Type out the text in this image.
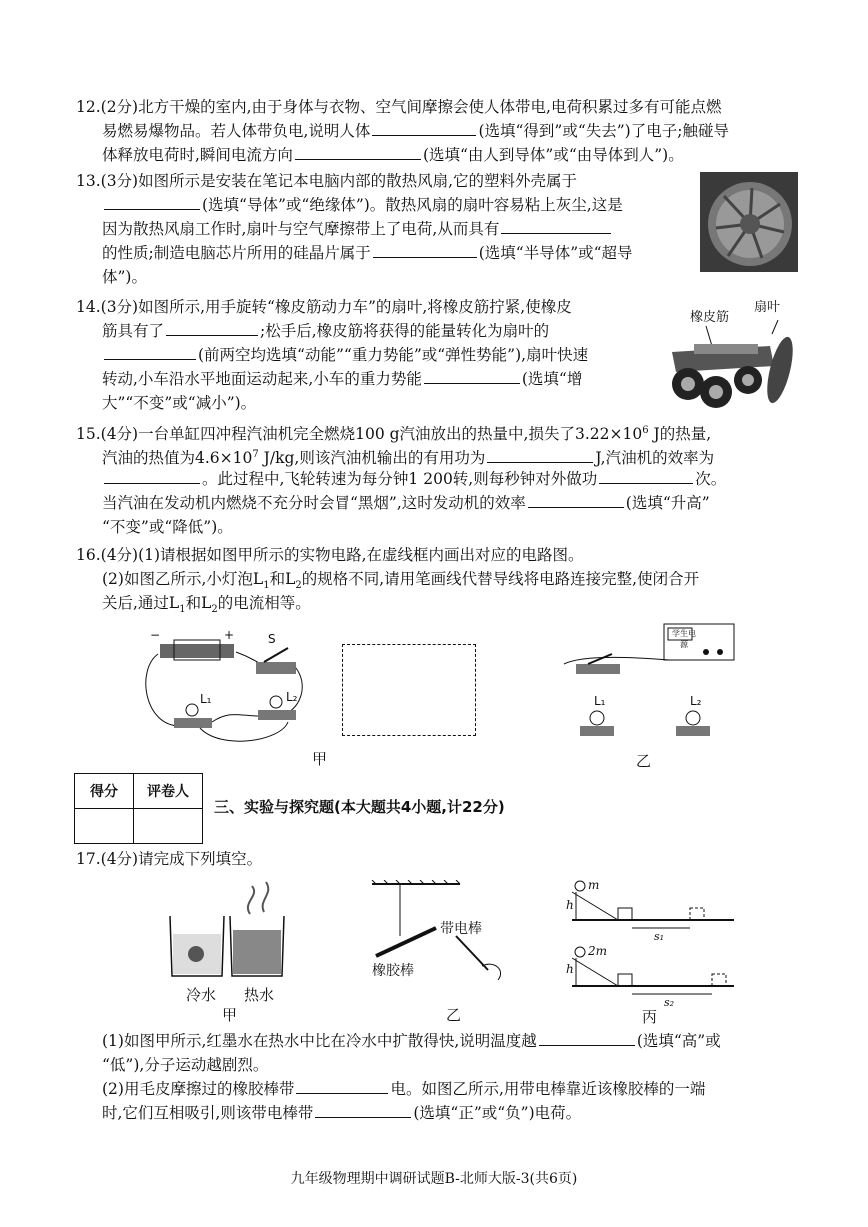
12.(2分)北方干燥的室内,由于身体与衣物、空气间摩擦会使人体带电,电荷积累过多有可能点燃
易燃易爆物品。若人体带负电,说明人体	(选填“得到”或“失去”)了电子;触碰导
体释放电荷时,瞬间电流方向	(选填“由人到导体”或“由导体到人”)。
13.(3分)如图所示是安装在笔记本电脑内部的散热风扇,它的塑料外壳属于
(选填“导体”或“绝缘体”)。散热风扇的扇叶容易粘上灰尘,这是
因为散热风扇工作时,扇叶与空气摩擦带上了电荷,从而具有
的性质;制造电脑芯片所用的硅晶片属于	(选填“半导体”或“超导
体”)。
14.(3分)如图所示,用手旋转“橡皮筋动力车”的扇叶,将橡皮筋拧紧,使橡皮
筋具有了	;松手后,橡皮筋将获得的能量转化为扇叶的
(前两空均选填“动能”“重力势能”或“弹性势能”),扇叶快速
转动,小车沿水平地面运动起来,小车的重力势能	(选填“增
大”“不变”或“减小”)。
橡皮筋
扇叶
15.(4分)一台单缸四冲程汽油机完全燃烧100 g汽油放出的热量中,损失了$3.22\times 10^6$ J的热量,
汽油的热值为$4.6\times 10^7$ J/kg,则该汽油机输出的有用功为	J,汽油机的效率为
。此过程中,飞轮转速为每分钟1 200转,则每秒钟对外做功	次。
当汽油在发动机内燃烧不充分时会冒“黑烟”,这时发动机的效率	(选填“升高”
“不变”或“降低”)。
16.(4分)(1)请根据如图甲所示的实物电路,在虚线框内画出对应的电路图。
(2)如图乙所示,小灯泡$L_1$和$L_2$的规格不同,请用笔画线代替导线将电路连接完整,使闭合开
关后,通过$L_1$和$L_2$的电流相等。
−	+	S
L₁	L₂
甲
学生电源
L₁	L₂
乙
得分	评卷人

三、实验与探究题(本大题共4小题,计22分)
17.(4分)请完成下列填空。
冷水 热水
甲
带电棒
橡胶棒
乙
m
2m
h
h
s₁
s₂
丙
(1)如图甲所示,红墨水在热水中比在冷水中扩散得快,说明温度越	(选填“高”或
“低”),分子运动越剧烈。
(2)用毛皮摩擦过的橡胶棒带	电。如图乙所示,用带电棒靠近该橡胶棒的一端
时,它们互相吸引,则该带电棒带	(选填“正”或“负”)电荷。
九年级物理期中调研试题B-北师大版-3(共6页)
